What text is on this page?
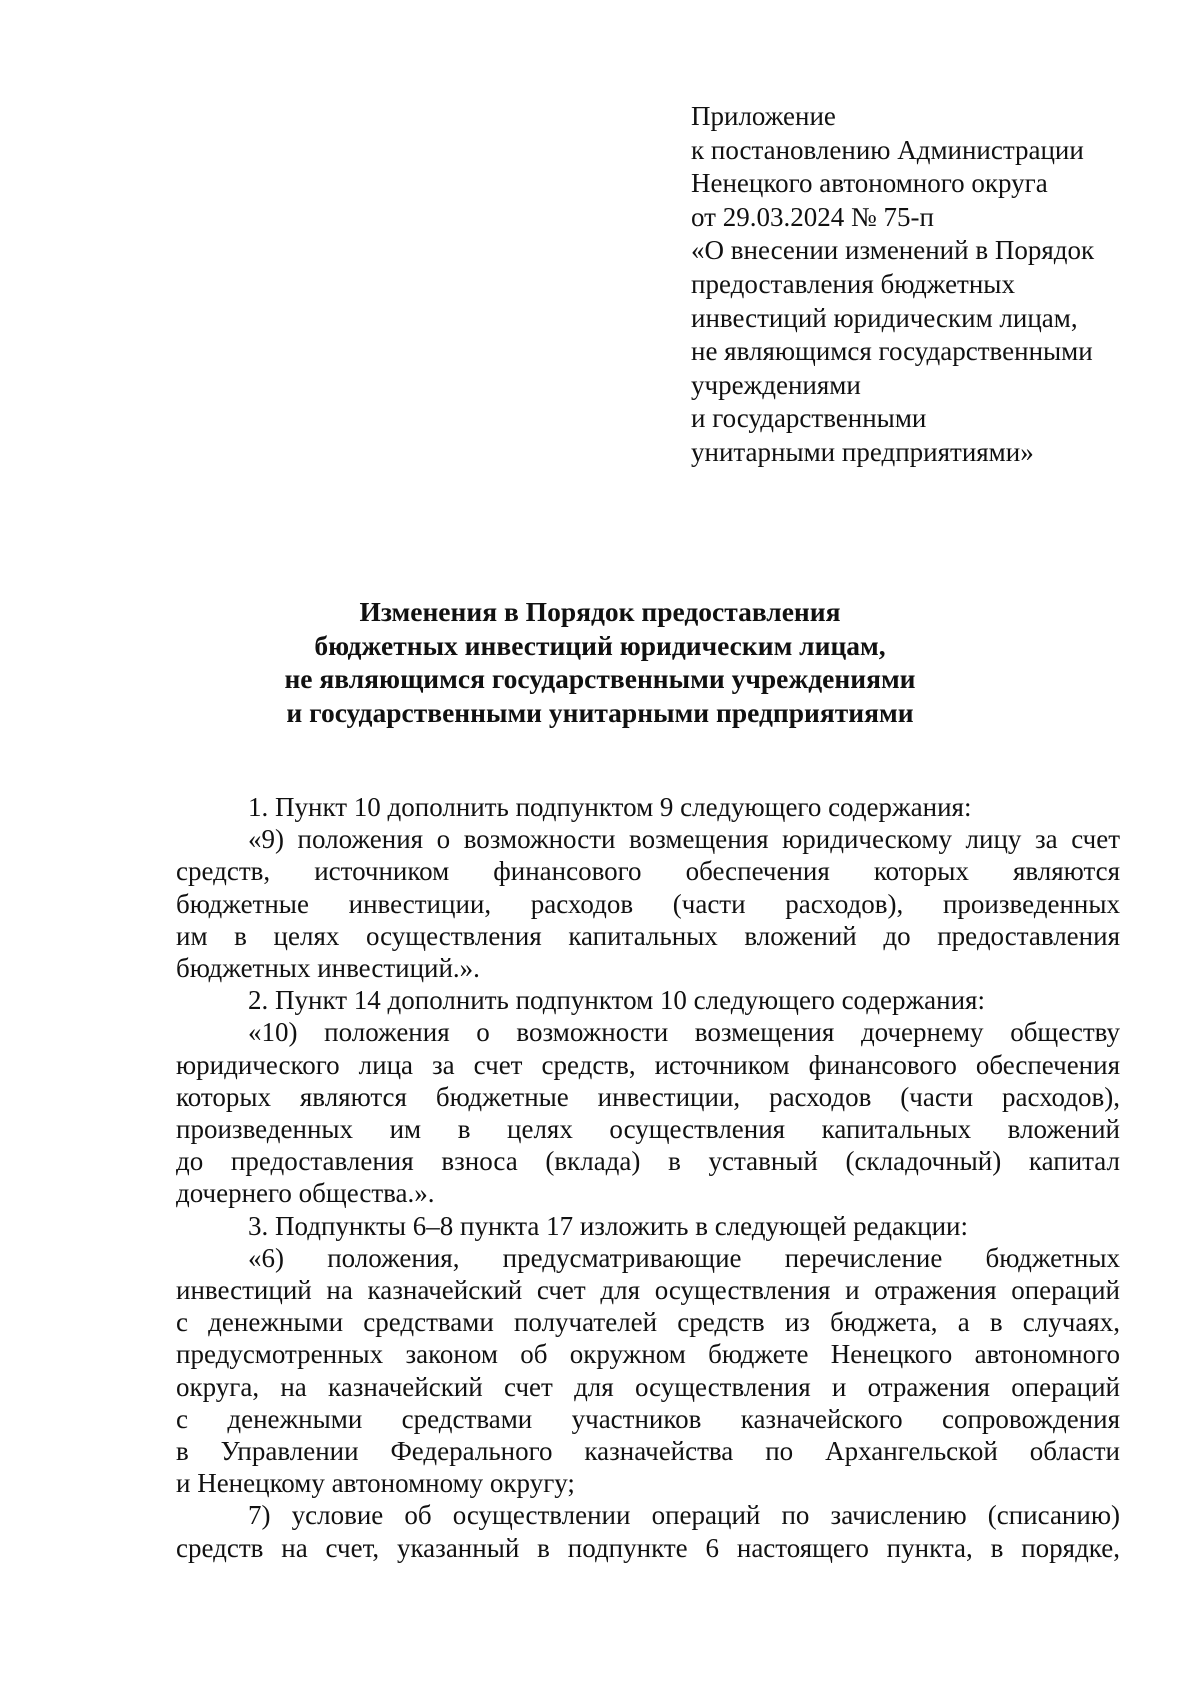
Приложение
к постановлению Администрации
Ненецкого автономного округа
от 29.03.2024 № 75-п
«О внесении изменений в Порядок
предоставления бюджетных
инвестиций юридическим лицам,
не являющимся государственными
учреждениями
и государственными
унитарными предприятиями»
Изменения в Порядок предоставления
бюджетных инвестиций юридическим лицам,
не являющимся государственными учреждениями
и государственными унитарными предприятиями
1. Пункт 10 дополнить подпунктом 9 следующего содержания:
«9) положения о возможности возмещения юридическому лицу за счет
средств, источником финансового обеспечения которых являются
бюджетные инвестиции, расходов (части расходов), произведенных
им в целях осуществления капитальных вложений до предоставления
бюджетных инвестиций.».
2. Пункт 14 дополнить подпунктом 10 следующего содержания:
«10) положения о возможности возмещения дочернему обществу
юридического лица за счет средств, источником финансового обеспечения
которых являются бюджетные инвестиции, расходов (части расходов),
произведенных им в целях осуществления капитальных вложений
до предоставления взноса (вклада) в уставный (складочный) капитал
дочернего общества.».
3. Подпункты 6–8 пункта 17 изложить в следующей редакции:
«6) положения, предусматривающие перечисление бюджетных
инвестиций на казначейский счет для осуществления и отражения операций
с денежными средствами получателей средств из бюджета, а в случаях,
предусмотренных законом об окружном бюджете Ненецкого автономного
округа, на казначейский счет для осуществления и отражения операций
с денежными средствами участников казначейского сопровождения
в Управлении Федерального казначейства по Архангельской области
и Ненецкому автономному округу;
7) условие об осуществлении операций по зачислению (списанию)
средств на счет, указанный в подпункте 6 настоящего пункта, в порядке,
